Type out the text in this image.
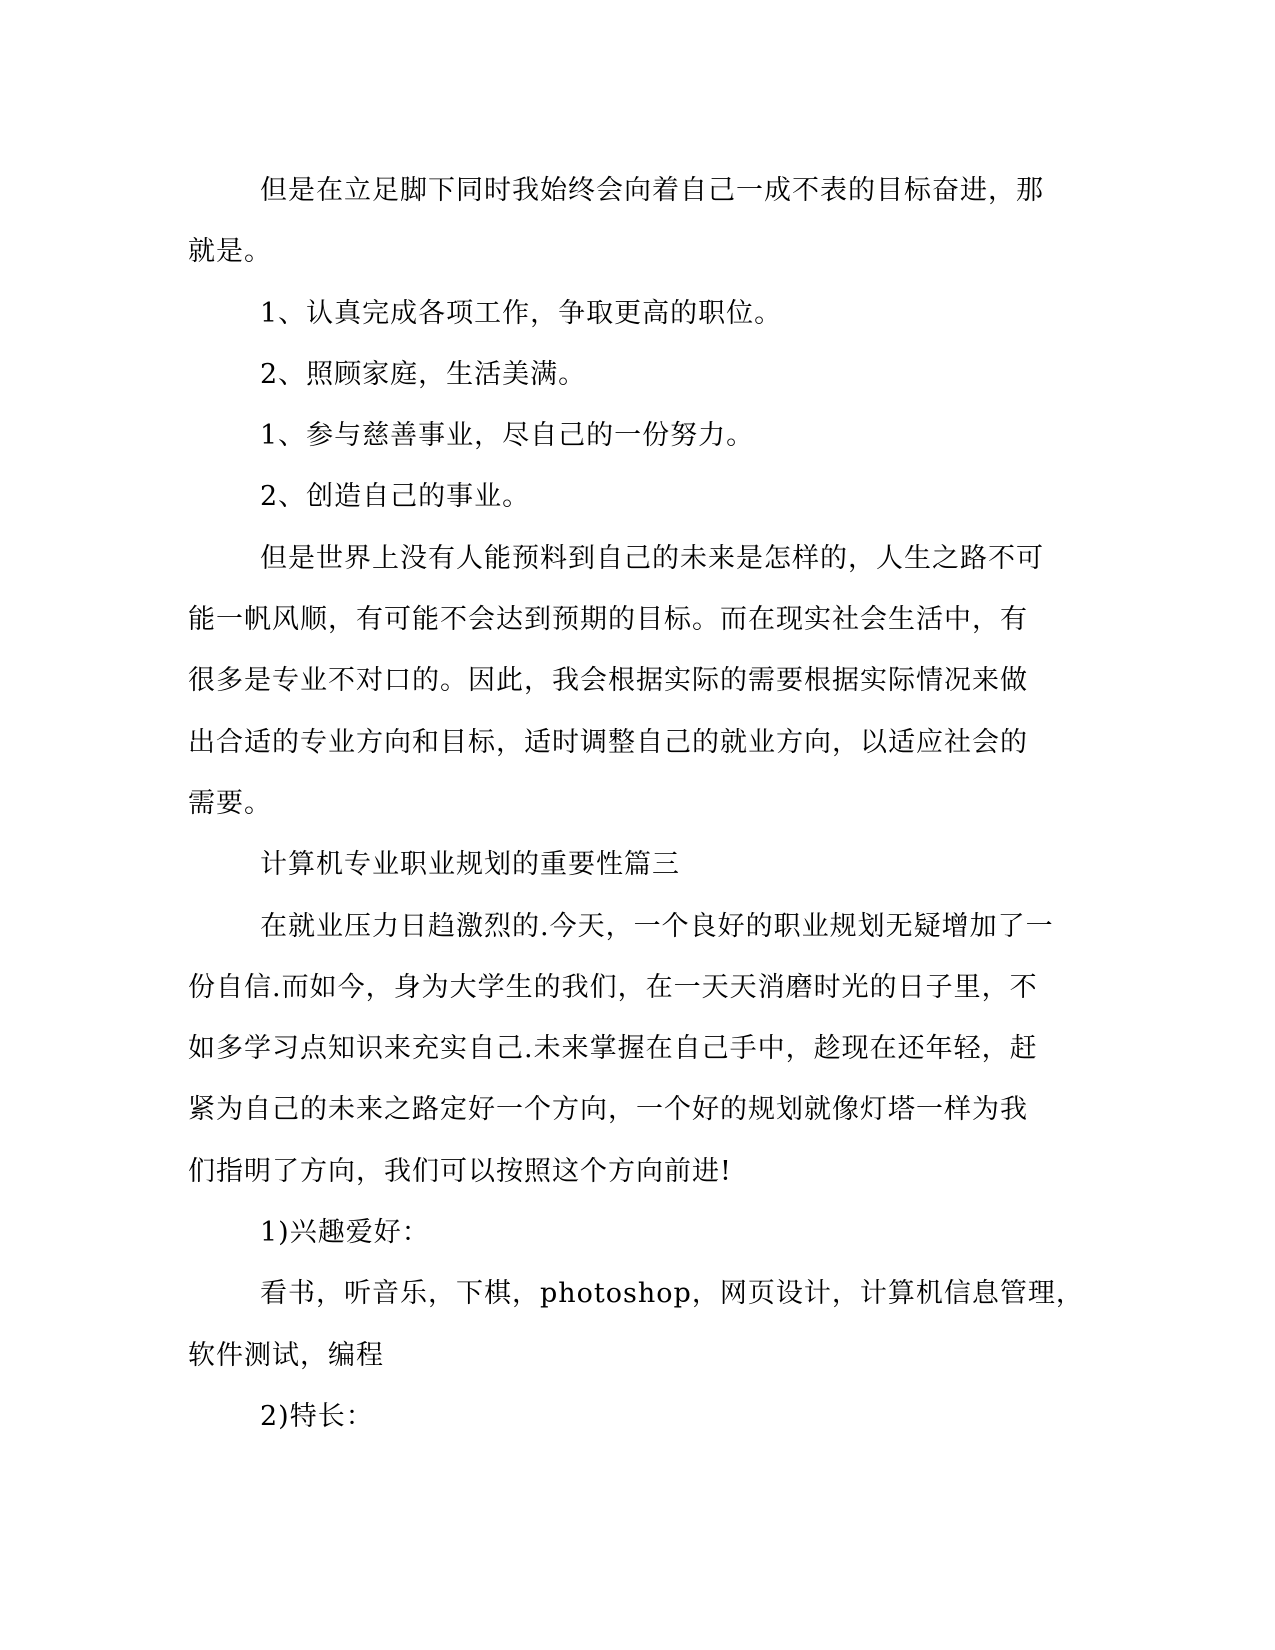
但是在立足脚下同时我始终会向着自己一成不表的目标奋进，那
就是。
1、认真完成各项工作，争取更高的职位。
2、照顾家庭，生活美满。
1、参与慈善事业，尽自己的一份努力。
2、创造自己的事业。
但是世界上没有人能预料到自己的未来是怎样的，人生之路不可
能一帆风顺，有可能不会达到预期的目标。而在现实社会生活中，有
很多是专业不对口的。因此，我会根据实际的需要根据实际情况来做
出合适的专业方向和目标，适时调整自己的就业方向，以适应社会的
需要。
计算机专业职业规划的重要性篇三
在就业压力日趋激烈的.今天，一个良好的职业规划无疑增加了一
份自信.而如今，身为大学生的我们，在一天天消磨时光的日子里，不
如多学习点知识来充实自己.未来掌握在自己手中，趁现在还年轻，赶
紧为自己的未来之路定好一个方向，一个好的规划就像灯塔一样为我
们指明了方向，我们可以按照这个方向前进!
1)兴趣爱好：
看书，听音乐，下棋，photoshop，网页设计，计算机信息管理，
软件测试，编程
2)特长：
